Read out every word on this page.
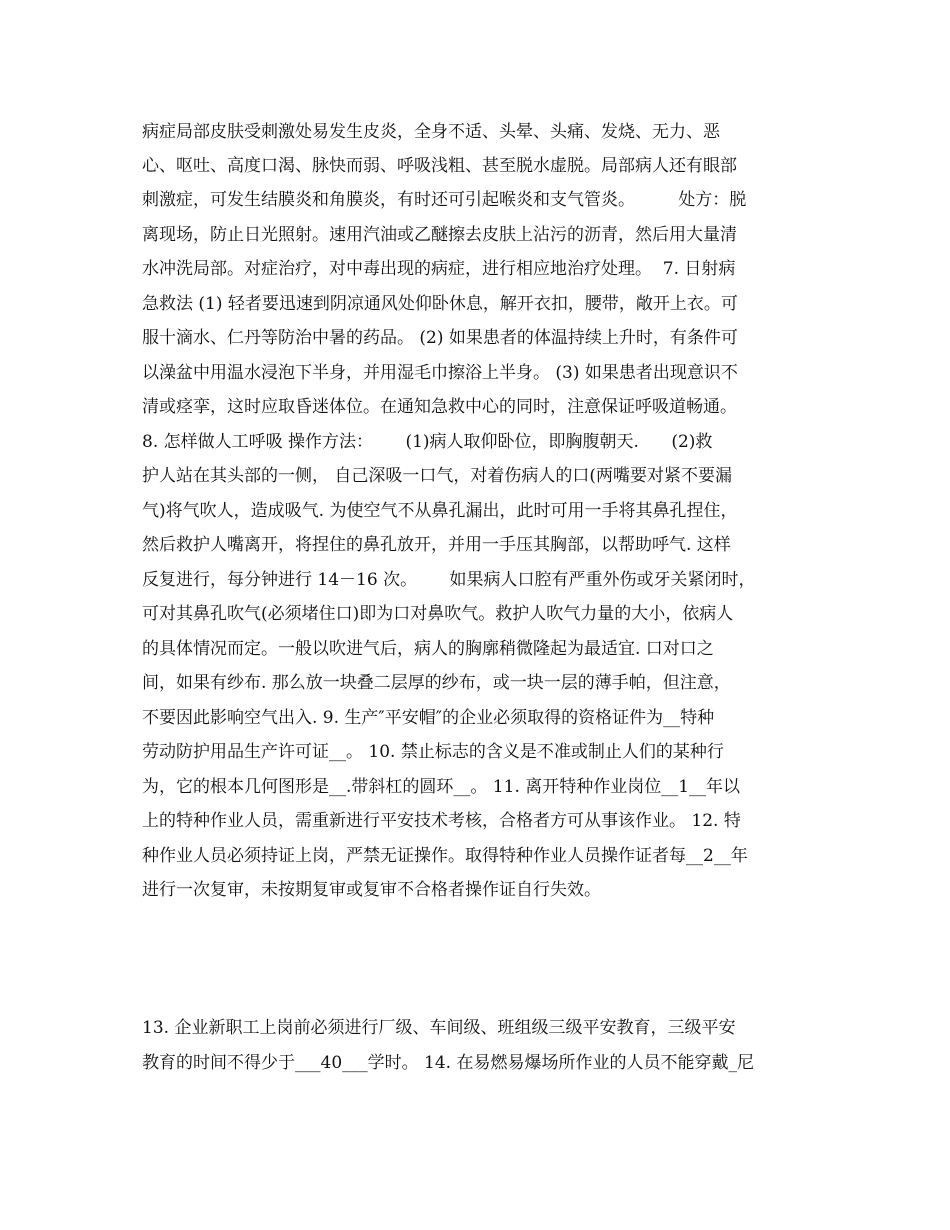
病症局部皮肤受刺激处易发生皮炎，全身不适、头晕、头痛、发烧、无力、恶
心、呕吐、高度口渴、脉快而弱、呼吸浅粗、甚至脱水虚脱。局部病人还有眼部
刺激症，可发生结膜炎和角膜炎，有时还可引起喉炎和支气管炎。        处方：脱
离现场，防止日光照射。速用汽油或乙醚擦去皮肤上沾污的沥青，然后用大量清
水冲洗局部。对症治疗，对中毒出现的病症，进行相应地治疗处理。  7. 日射病
急救法 (1) 轻者要迅速到阴凉通风处仰卧休息，解开衣扣，腰带，敞开上衣。可
服十滴水、仁丹等防治中暑的药品。 (2) 如果患者的体温持续上升时，有条件可
以澡盆中用温水浸泡下半身，并用湿毛巾擦浴上半身。 (3) 如果患者出现意识不
清或痉挛，这时应取昏迷体位。在通知急救中心的同时，注意保证呼吸道畅通。
8. 怎样做人工呼吸 操作方法：      (1)病人取仰卧位，即胸腹朝天.      (2)救
护人站在其头部的一侧， 自己深吸一口气，对着伤病人的口(两嘴要对紧不要漏
气)将气吹人，造成吸气. 为使空气不从鼻孔漏出，此时可用一手将其鼻孔捏住，
然后救护人嘴离开，将捏住的鼻孔放开，并用一手压其胸部，以帮助呼气. 这样
反复进行，每分钟进行 14－16 次。      如果病人口腔有严重外伤或牙关紧闭时，
可对其鼻孔吹气(必须堵住口)即为口对鼻吹气。救护人吹气力量的大小，依病人
的具体情况而定。一般以吹进气后，病人的胸廓稍微隆起为最适宜. 口对口之
间，如果有纱布. 那么放一块叠二层厚的纱布，或一块一层的薄手帕，但注意，
不要因此影响空气出入. 9. 生产″平安帽″的企业必须取得的资格证件为__特种
劳动防护用品生产许可证__。 10. 禁止标志的含义是不准或制止人们的某种行
为，它的根本几何图形是__.带斜杠的圆环__。 11. 离开特种作业岗位__1__年以
上的特种作业人员，需重新进行平安技术考核，合格者方可从事该作业。 12. 特
种作业人员必须持证上岗，严禁无证操作。取得特种作业人员操作证者每__2__年
进行一次复审，未按期复审或复审不合格者操作证自行失效。
13. 企业新职工上岗前必须进行厂级、车间级、班组级三级平安教育，三级平安
教育的时间不得少于___40___学时。 14. 在易燃易爆场所作业的人员不能穿戴_尼
